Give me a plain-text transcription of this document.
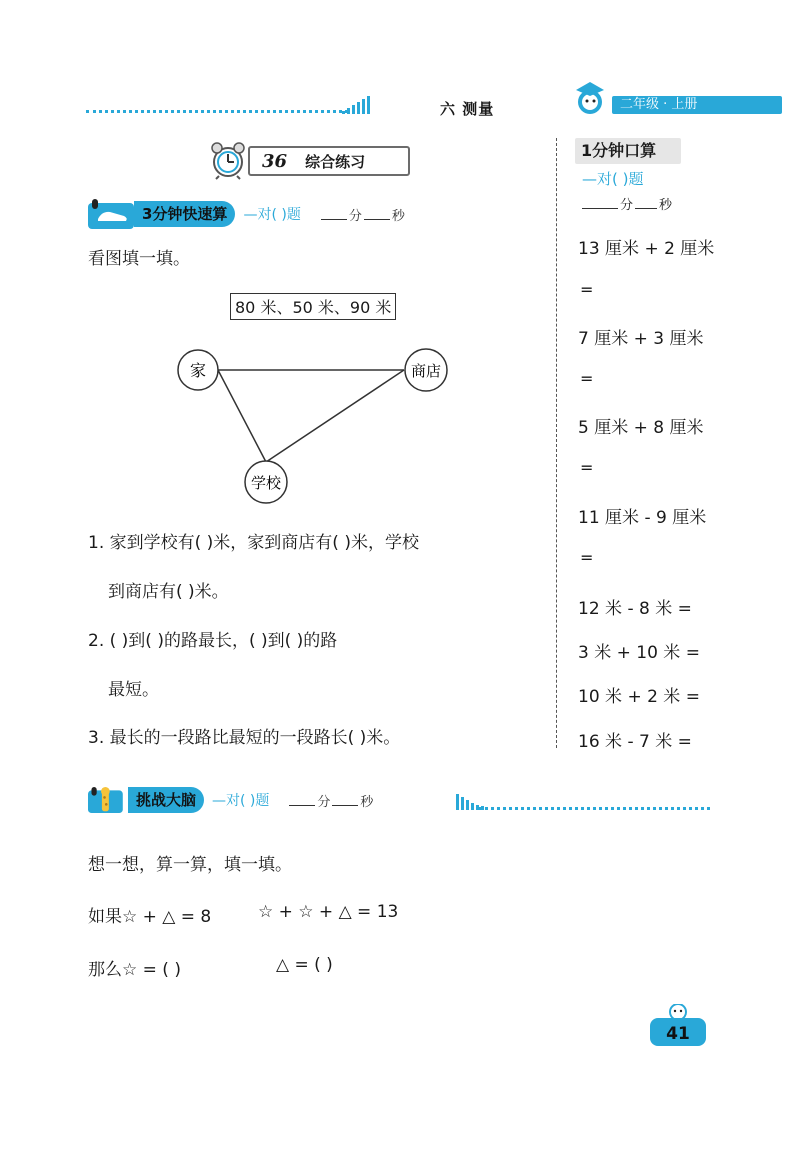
六 测量	二年级 · 上册
36 综合练习
3分钟快速算	—对( )题	分 秒
看图填一填。
80 米、50 米、90 米
家	商店
学校
1. 家到学校有( )米，家到商店有( )米，学校
到商店有( )米。
2. ( )到( )的路最长，( )到( )的路
最短。
3. 最长的一段路比最短的一段路长( )米。
1分钟口算
—对( )题
分 秒
13 厘米 + 2 厘米
=
7 厘米 + 3 厘米
=
5 厘米 + 8 厘米
=
11 厘米 - 9 厘米
=
12 米 - 8 米 =
3 米 + 10 米 =
10 米 + 2 米 =
16 米 - 7 米 =
挑战大脑	—对( )题	分 秒
想一想，算一算，填一填。
如果☆ + △ = 8	☆ + ☆ + △ = 13
那么☆ = ( )	△ = ( )
41
